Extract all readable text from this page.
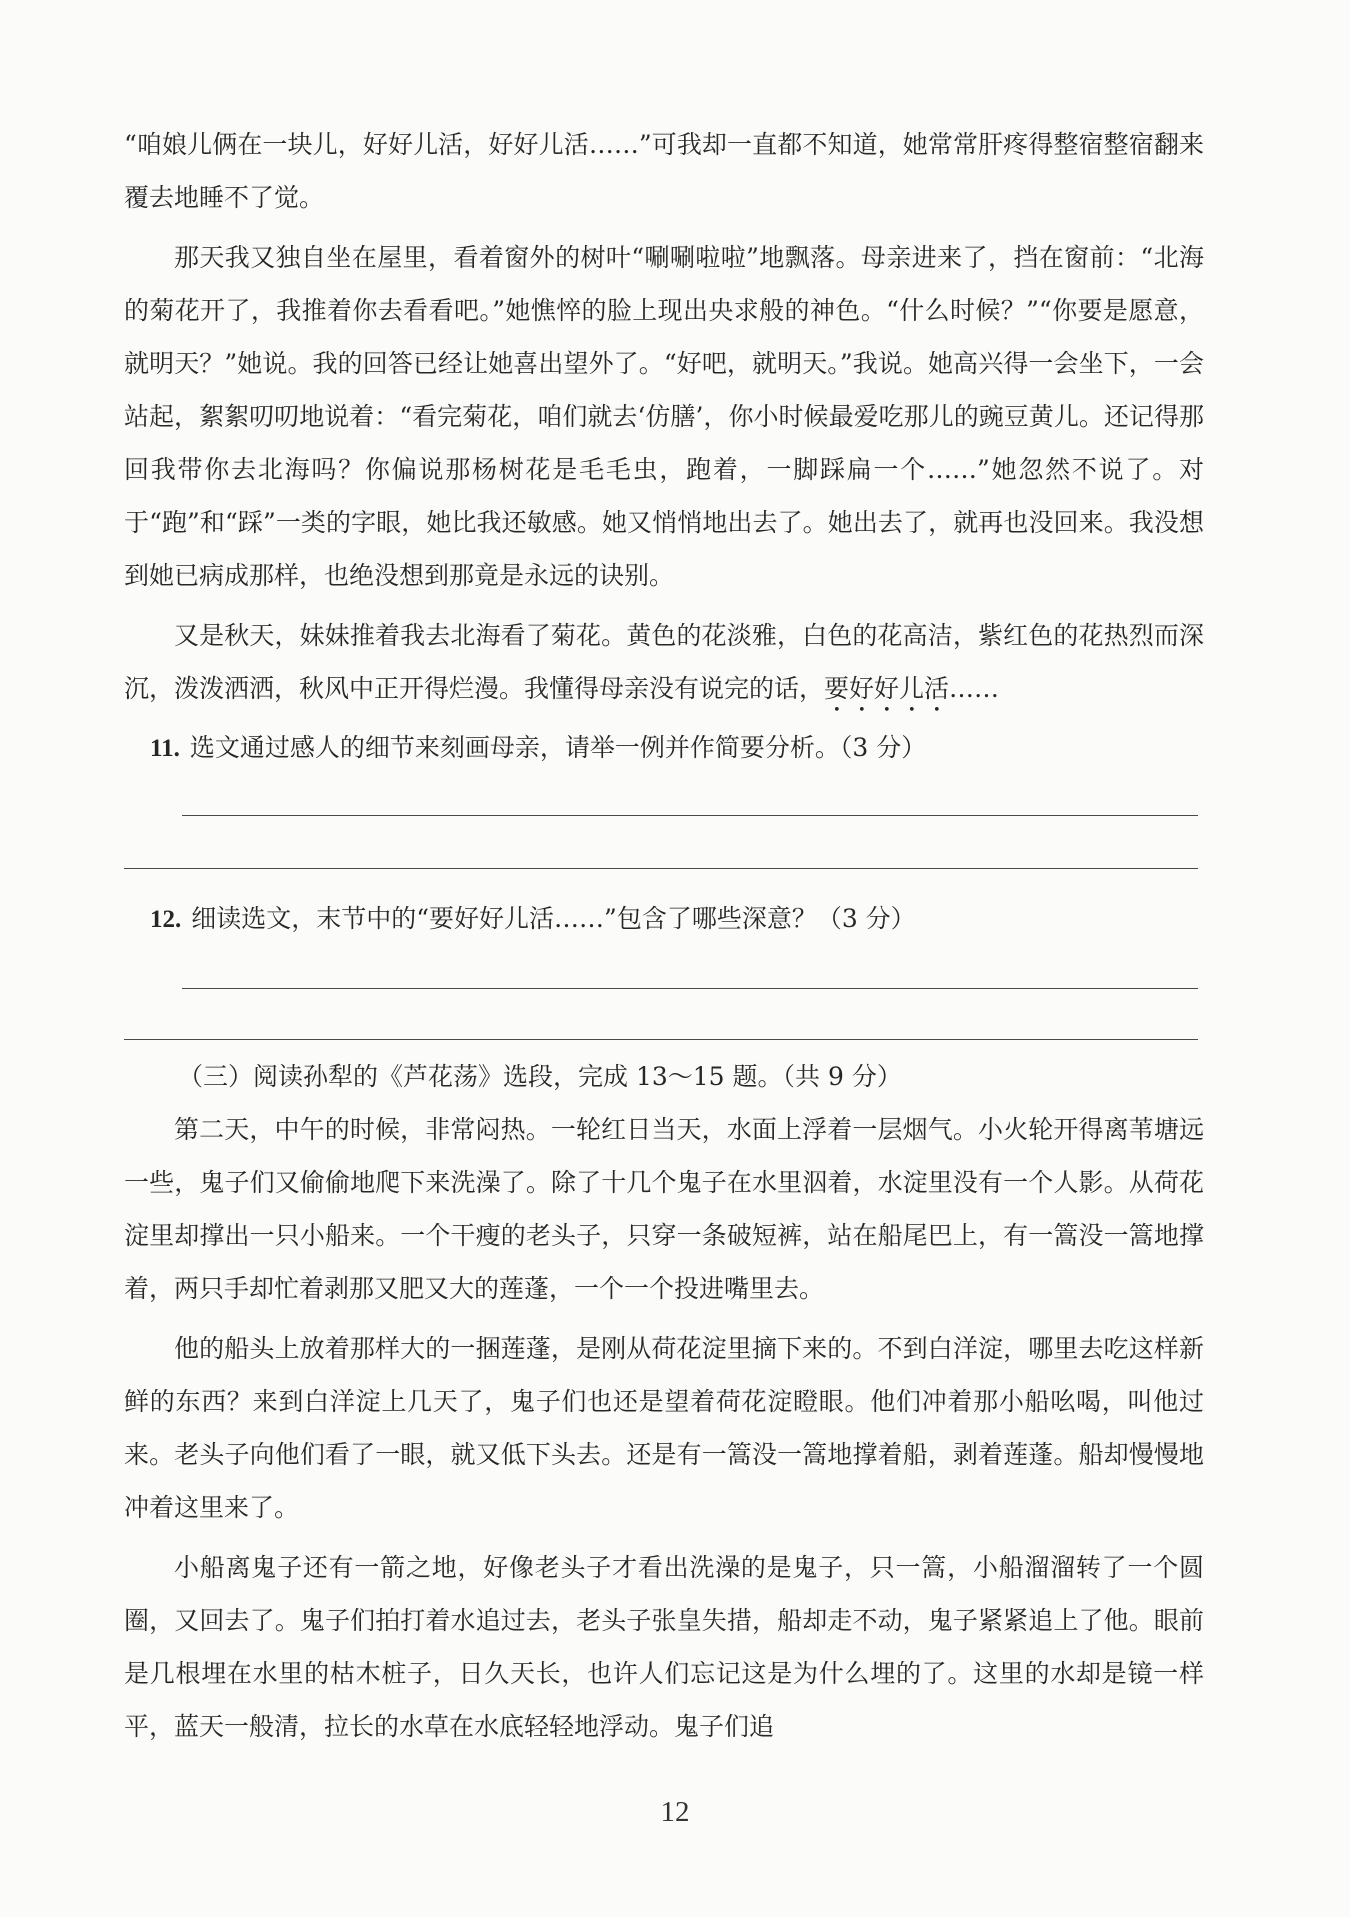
“咱娘儿俩在一块儿，好好儿活，好好儿活……”可我却一直都不知道，她常常肝疼得整宿整宿翻来覆去地睡不了觉。

那天我又独自坐在屋里，看着窗外的树叶“唰唰啦啦”地飘落。母亲进来了，挡在窗前：“北海的菊花开了，我推着你去看看吧。”她憔悴的脸上现出央求般的神色。“什么时候？”“你要是愿意，就明天？”她说。我的回答已经让她喜出望外了。“好吧，就明天。”我说。她高兴得一会坐下，一会站起，絮絮叨叨地说着：“看完菊花，咱们就去‘仿膳’，你小时候最爱吃那儿的豌豆黄儿。还记得那回我带你去北海吗？你偏说那杨树花是毛毛虫，跑着，一脚踩扁一个……”她忽然不说了。对于“跑”和“踩”一类的字眼，她比我还敏感。她又悄悄地出去了。她出去了，就再也没回来。我没想到她已病成那样，也绝没想到那竟是永远的诀别。

又是秋天，妹妹推着我去北海看了菊花。黄色的花淡雅，白色的花高洁，紫红色的花热烈而深沉，泼泼洒洒，秋风中正开得烂漫。我懂得母亲没有说完的话，要好好儿活……

11. 选文通过感人的细节来刻画母亲，请举一例并作简要分析。（3 分）

12. 细读选文，末节中的“要好好儿活……”包含了哪些深意？（3 分）

（三）阅读孙犁的《芦花荡》选段，完成 13～15 题。（共 9 分）

第二天，中午的时候，非常闷热。一轮红日当天，水面上浮着一层烟气。小火轮开得离苇塘远一些，鬼子们又偷偷地爬下来洗澡了。除了十几个鬼子在水里泅着，水淀里没有一个人影。从荷花淀里却撑出一只小船来。一个干瘦的老头子，只穿一条破短裤，站在船尾巴上，有一篙没一篙地撑着，两只手却忙着剥那又肥又大的莲蓬，一个一个投进嘴里去。

他的船头上放着那样大的一捆莲蓬，是刚从荷花淀里摘下来的。不到白洋淀，哪里去吃这样新鲜的东西？来到白洋淀上几天了，鬼子们也还是望着荷花淀瞪眼。他们冲着那小船吆喝，叫他过来。老头子向他们看了一眼，就又低下头去。还是有一篙没一篙地撑着船，剥着莲蓬。船却慢慢地冲着这里来了。

小船离鬼子还有一箭之地，好像老头子才看出洗澡的是鬼子，只一篙，小船溜溜转了一个圆圈，又回去了。鬼子们拍打着水追过去，老头子张皇失措，船却走不动，鬼子紧紧追上了他。眼前是几根埋在水里的枯木桩子，日久天长，也许人们忘记这是为什么埋的了。这里的水却是镜一样平，蓝天一般清，拉长的水草在水底轻轻地浮动。鬼子们追

12
